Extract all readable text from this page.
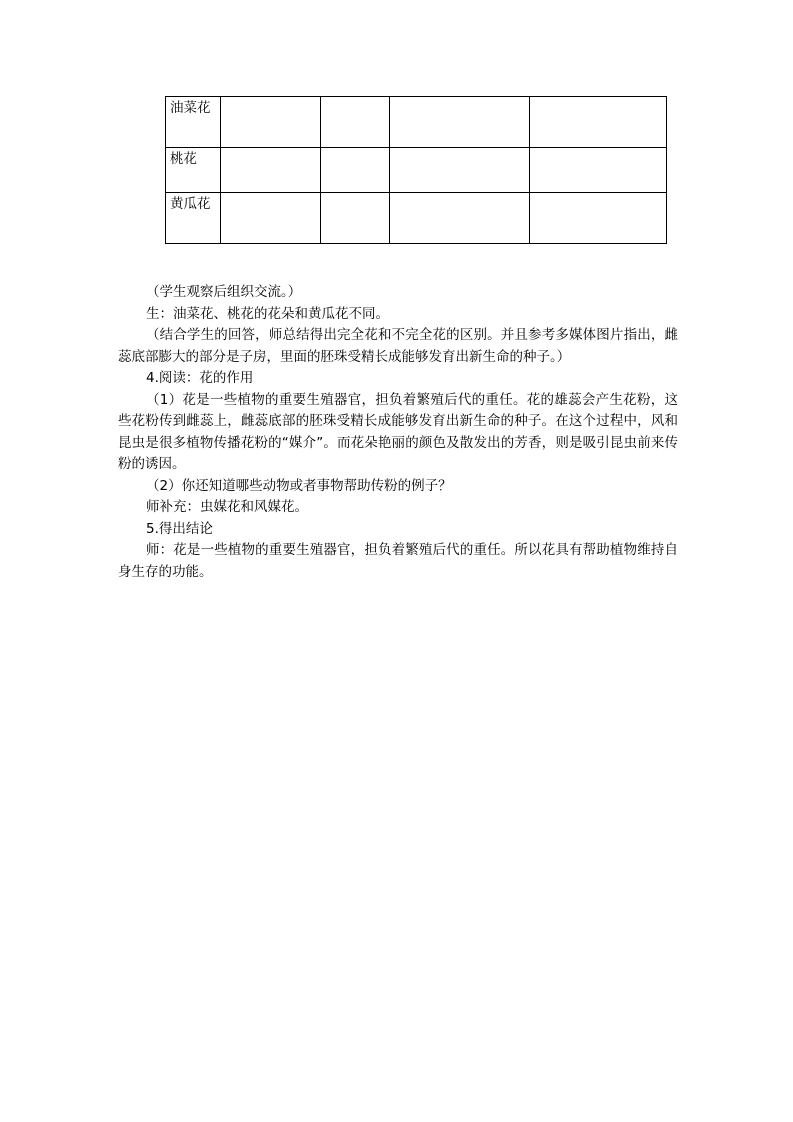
油菜花				
桃花				
黄瓜花				

（学生观察后组织交流。）

生：油菜花、桃花的花朵和黄瓜花不同。

（结合学生的回答，师总结得出完全花和不完全花的区别。并且参考多媒体图片指出，雌蕊底部膨大的部分是子房，里面的胚珠受精长成能够发育出新生命的种子。）

4.阅读：花的作用

（1）花是一些植物的重要生殖器官，担负着繁殖后代的重任。花的雄蕊会产生花粉，这些花粉传到雌蕊上，雌蕊底部的胚珠受精长成能够发育出新生命的种子。在这个过程中，风和昆虫是很多植物传播花粉的“媒介”。而花朵艳丽的颜色及散发出的芳香，则是吸引昆虫前来传粉的诱因。

（2）你还知道哪些动物或者事物帮助传粉的例子？

师补充：虫媒花和风媒花。

5.得出结论

师：花是一些植物的重要生殖器官，担负着繁殖后代的重任。所以花具有帮助植物维持自身生存的功能。
